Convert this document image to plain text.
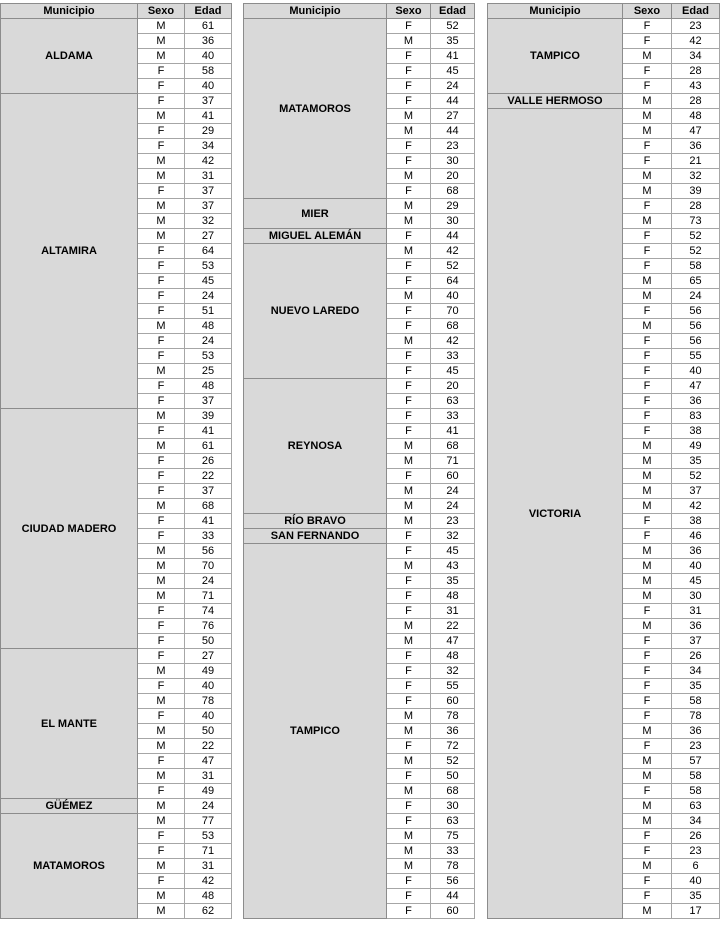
Municipio	Sexo	Edad
ALDAMA	M	61
	M	36
	M	40
	F	58
	F	40
ALTAMIRA	F	37
	M	41
	F	29
	F	34
	M	42
	M	31
	F	37
	M	37
	M	32
	M	27
	F	64
	F	53
	F	45
	F	24
	F	51
	M	48
	F	24
	F	53
	M	25
	F	48
	F	37
CIUDAD MADERO	M	39
	F	41
	M	61
	F	26
	F	22
	F	37
	M	68
	F	41
	F	33
	M	56
	M	70
	M	24
	M	71
	F	74
	F	76
	F	50
EL MANTE	F	27
	M	49
	F	40
	M	78
	F	40
	M	50
	M	22
	F	47
	M	31
	F	49
GÜÉMEZ	M	24
MATAMOROS	M	77
	F	53
	F	71
	M	31
	F	42
	M	48
	M	62
Municipio	Sexo	Edad
MATAMOROS	F	52
	M	35
	F	41
	F	45
	F	24
	F	44
	M	27
	M	44
	F	23
	F	30
	M	20
	F	68
MIER	M	29
	M	30
MIGUEL ALEMÁN	F	44
NUEVO LAREDO	M	42
	F	52
	F	64
	M	40
	F	70
	F	68
	M	42
	F	33
	F	45
REYNOSA	F	20
	F	63
	F	33
	F	41
	M	68
	M	71
	F	60
	M	24
	M	24
RÍO BRAVO	M	23
SAN FERNANDO	F	32
TAMPICO	F	45
	M	43
	F	35
	F	48
	F	31
	M	22
	M	47
	F	48
	F	32
	F	55
	F	60
	M	78
	M	36
	F	72
	M	52
	F	50
	M	68
	F	30
	F	63
	M	75
	M	33
	M	78
	F	56
	F	44
	F	60
Municipio	Sexo	Edad
TAMPICO	F	23
	F	42
	M	34
	F	28
	F	43
VALLE HERMOSO	M	28
VICTORIA	M	48
	M	47
	F	36
	F	21
	M	32
	M	39
	F	28
	M	73
	F	52
	F	52
	F	58
	M	65
	M	24
	F	56
	M	56
	F	56
	F	55
	F	40
	F	47
	F	36
	F	83
	F	38
	M	49
	M	35
	M	52
	M	37
	M	42
	F	38
	F	46
	M	36
	M	40
	M	45
	M	30
	F	31
	M	36
	F	37
	F	26
	F	34
	F	35
	F	58
	F	78
	M	36
	F	23
	M	57
	M	58
	F	58
	M	63
	M	34
	F	26
	F	23
	M	6
	F	40
	F	35
	M	17
